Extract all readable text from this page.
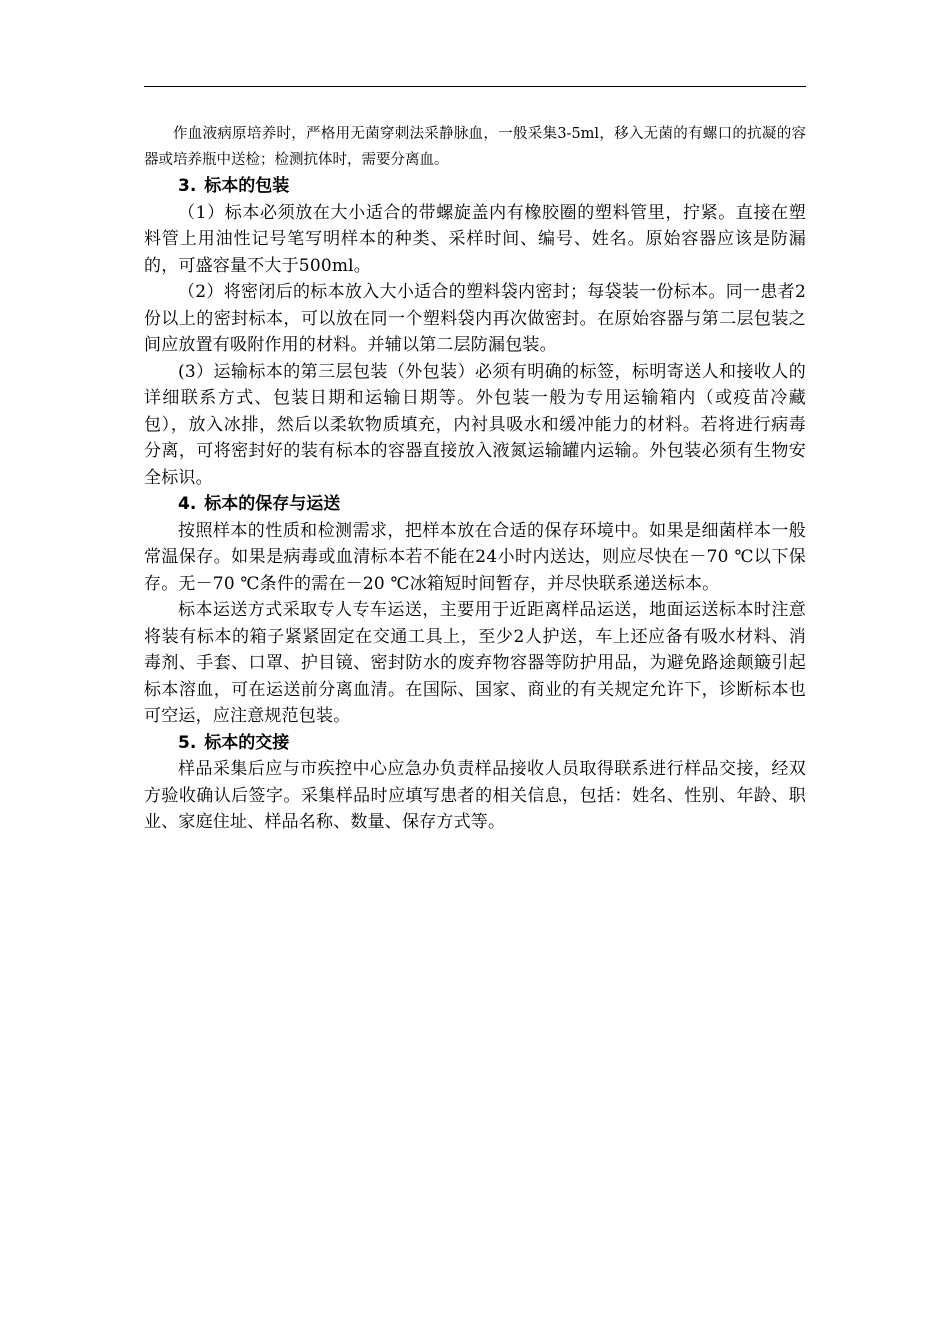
作血液病原培养时，严格用无菌穿刺法采静脉血，一般采集3-5ml，移入无菌的有螺口的抗凝的容器或培养瓶中送检；检测抗体时，需要分离血。

3. 标本的包装

（1）标本必须放在大小适合的带螺旋盖内有橡胶圈的塑料管里，拧紧。直接在塑料管上用油性记号笔写明样本的种类、采样时间、编号、姓名。原始容器应该是防漏的，可盛容量不大于500ml。

（2）将密闭后的标本放入大小适合的塑料袋内密封；每袋装一份标本。同一患者2份以上的密封标本，可以放在同一个塑料袋内再次做密封。在原始容器与第二层包装之间应放置有吸附作用的材料。并辅以第二层防漏包装。

(3）运输标本的第三层包装（外包装）必须有明确的标签，标明寄送人和接收人的详细联系方式、包装日期和运输日期等。外包装一般为专用运输箱内（或疫苗冷藏包），放入冰排，然后以柔软物质填充，内衬具吸水和缓冲能力的材料。若将进行病毒分离，可将密封好的装有标本的容器直接放入液氮运输罐内运输。外包装必须有生物安全标识。

4. 标本的保存与运送

按照样本的性质和检测需求，把样本放在合适的保存环境中。如果是细菌样本一般常温保存。如果是病毒或血清标本若不能在24小时内送达，则应尽快在－70 ℃以下保存。无－70 ℃条件的需在－20 ℃冰箱短时间暂存，并尽快联系递送标本。

标本运送方式采取专人专车运送，主要用于近距离样品运送，地面运送标本时注意将装有标本的箱子紧紧固定在交通工具上，至少2人护送，车上还应备有吸水材料、消毒剂、手套、口罩、护目镜、密封防水的废弃物容器等防护用品，为避免路途颠簸引起标本溶血，可在运送前分离血清。在国际、国家、商业的有关规定允许下，诊断标本也可空运，应注意规范包装。

5. 标本的交接

样品采集后应与市疾控中心应急办负责样品接收人员取得联系进行样品交接，经双方验收确认后签字。采集样品时应填写患者的相关信息，包括：姓名、性别、年龄、职业、家庭住址、样品名称、数量、保存方式等。
